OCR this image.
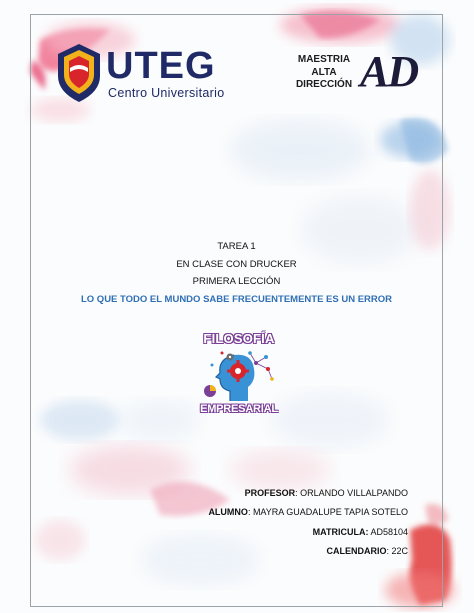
UTEG
Centro Universitario
MAESTRIA
ALTA
DIRECCIÓN AD
TAREA 1
EN CLASE CON DRUCKER
PRIMERA LECCIÓN
LO QUE TODO EL MUNDO SABE FRECUENTEMENTE ES UN ERROR
FILOSOFÍA
EMPRESARIAL
PROFESOR: ORLANDO VILLALPANDO
ALUMNO: MAYRA GUADALUPE TAPIA SOTELO
MATRICULA: AD58104
CALENDARIO: 22C
